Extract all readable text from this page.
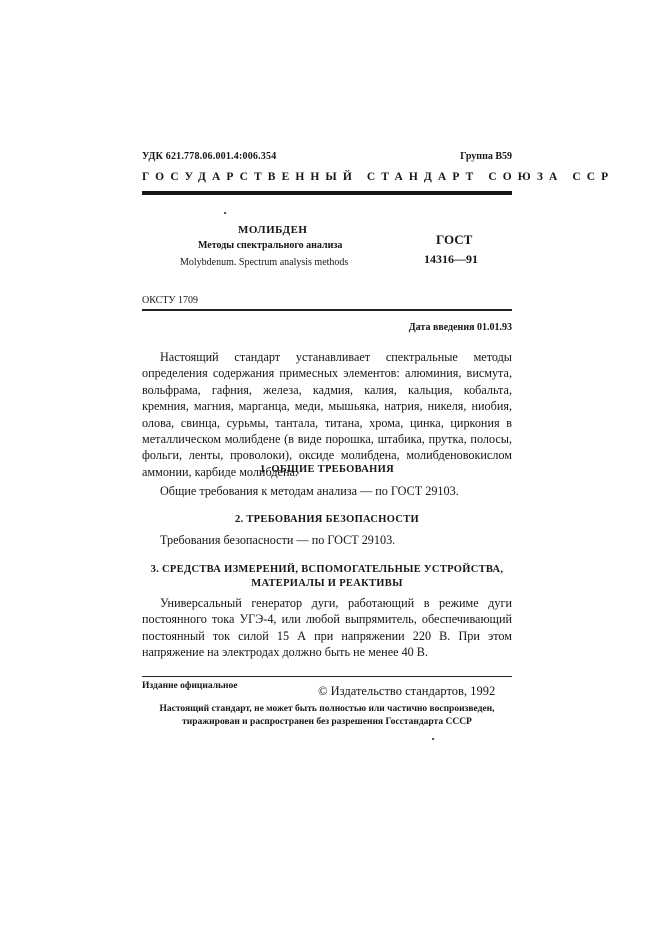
УДК 621.778.06.001.4:006.354	Группа В59
ГОСУДАРСТВЕННЫЙ СТАНДАРТ СОЮЗА ССР
МОЛИБДЕН
Методы спектрального анализа
Molybdenum. Spectrum analysis methods
ГОСТ
14316—91
ОКСТУ 1709
Дата введения 01.01.93
Настоящий стандарт устанавливает спектральные методы определения содержания примесных элементов: алюминия, висмута, вольфрама, гафния, железа, кадмия, калия, кальция, кобальта, кремния, магния, марганца, меди, мышьяка, натрия, никеля, ниобия, олова, свинца, сурьмы, тантала, титана, хрома, цинка, циркония в металлическом молибдене (в виде порошка, штабика, прутка, полосы, фольги, ленты, проволоки), оксиде молибдена, молибденовокислом аммонии, карбиде молибдена.
1. ОБЩИЕ ТРЕБОВАНИЯ
Общие требования к методам анализа — по ГОСТ 29103.
2. ТРЕБОВАНИЯ БЕЗОПАСНОСТИ
Требования безопасности — по ГОСТ 29103.
3. СРЕДСТВА ИЗМЕРЕНИЙ, ВСПОМОГАТЕЛЬНЫЕ УСТРОЙСТВА,
МАТЕРИАЛЫ И РЕАКТИВЫ
Универсальный генератор дуги, работающий в режиме дуги постоянного тока УГЭ-4, или любой выпрямитель, обеспечивающий постоянный ток силой 15 А при напряжении 220 В. При этом напряжение на электродах должно быть не менее 40 В.
Издание официальное	© Издательство стандартов, 1992
Настоящий стандарт, не может быть полностью или частично воспроизведен,
тиражирован и распространен без разрешения Госстандарта СССР
